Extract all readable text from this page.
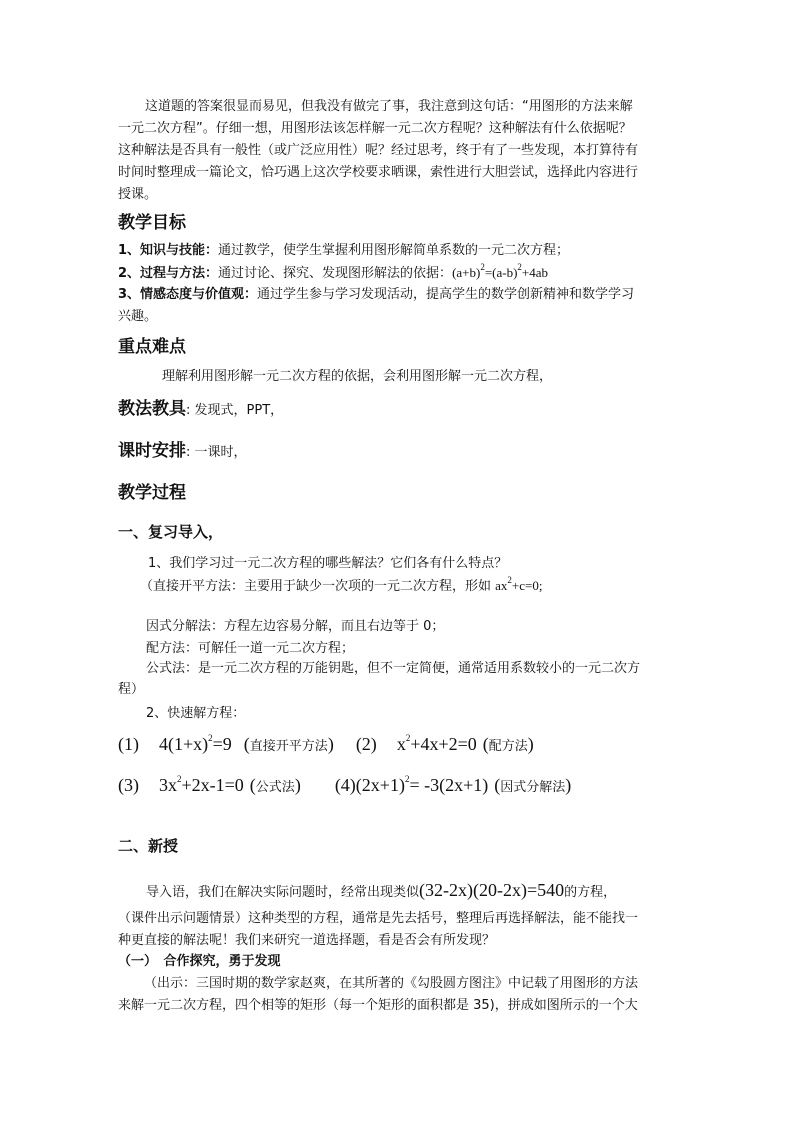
这道题的答案很显而易见，但我没有做完了事，我注意到这句话：“用图形的方法来解
一元二次方程”。仔细一想，用图形法该怎样解一元二次方程呢？这种解法有什么依据呢？
这种解法是否具有一般性（或广泛应用性）呢？经过思考，终于有了一些发现，本打算待有
时间时整理成一篇论文，恰巧遇上这次学校要求晒课，索性进行大胆尝试，选择此内容进行
授课。
教学目标
1、知识与技能：通过教学，使学生掌握利用图形解简单系数的一元二次方程；
2、过程与方法：通过讨论、探究、发现图形解法的依据：$(a+b)^2=(a-b)^2+4ab$
3、情感态度与价值观：通过学生参与学习发现活动，提高学生的数学创新精神和数学学习
兴趣。
重点难点
理解利用图形解一元二次方程的依据，会利用图形解一元二次方程，
教法教具: 发现式，PPT，
课时安排: 一课时，
教学过程
一、复习导入，
1、我们学习过一元二次方程的哪些解法？它们各有什么特点？
（直接开平方法：主要用于缺少一次项的一元二次方程，形如 $ax^2+c=0$;
因式分解法：方程左边容易分解，而且右边等于 0；
配方法：可解任一道一元二次方程；
公式法：是一元二次方程的万能钥匙，但不一定简便，通常适用系数较小的一元二次方
程）
2、快速解方程：
(1) $4(1+x)^2=9$ (直接开平方法) (2) $x^2+4x+2=0$ (配方法)
(3) $3x^2+2x-1=0$ (公式法) $(4)(2x+1)^2= -3(2x+1)$ (因式分解法)
二、新授
导入语，我们在解决实际问题时，经常出现类似(32-2x)(20-2x)=540的方程，
（课件出示问题情景）这种类型的方程，通常是先去括号，整理后再选择解法，能不能找一
种更直接的解法呢！我们来研究一道选择题，看是否会有所发现？
（一）　合作探究，勇于发现
（出示：三国时期的数学家赵爽，在其所著的《勾股圆方图注》中记载了用图形的方法
来解一元二次方程，四个相等的矩形（每一个矩形的面积都是 35)，拼成如图所示的一个大
